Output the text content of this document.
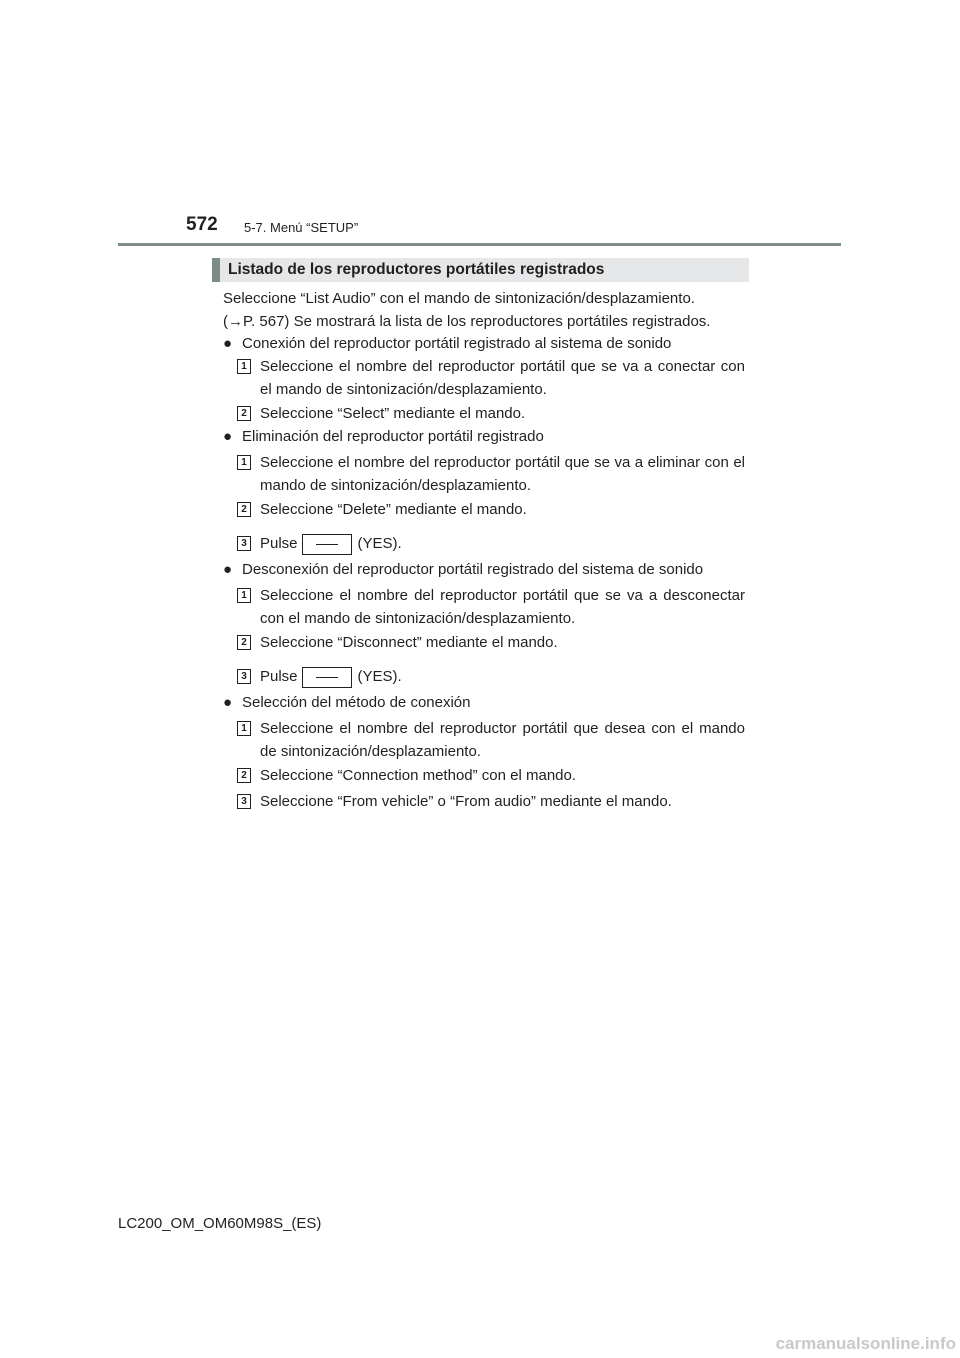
572 5-7. Menú “SETUP”
Listado de los reproductores portátiles registrados

Seleccione “List Audio” con el mando de sintonización/desplazamiento.

(→P. 567) Se mostrará la lista de los reproductores portátiles registrados.

● Conexión del reproductor portátil registrado al sistema de sonido
1 Seleccione el nombre del reproductor portátil que se va a conectar con el mando de sintonización/desplazamiento.
2 Seleccione “Select” mediante el mando.
● Eliminación del reproductor portátil registrado
1 Seleccione el nombre del reproductor portátil que se va a eliminar con el mando de sintonización/desplazamiento.
2 Seleccione “Delete” mediante el mando.
3 Pulse	(YES).
● Desconexión del reproductor portátil registrado del sistema de sonido
1 Seleccione el nombre del reproductor portátil que se va a desconectar con el mando de sintonización/desplazamiento.
2 Seleccione “Disconnect” mediante el mando.
3 Pulse	(YES).
● Selección del método de conexión
1 Seleccione el nombre del reproductor portátil que desea con el mando de sintonización/desplazamiento.
2 Seleccione “Connection method” con el mando.
3 Seleccione “From vehicle” o “From audio” mediante el mando.
LC200_OM_OM60M98S_(ES)
carmanualsonline.info
